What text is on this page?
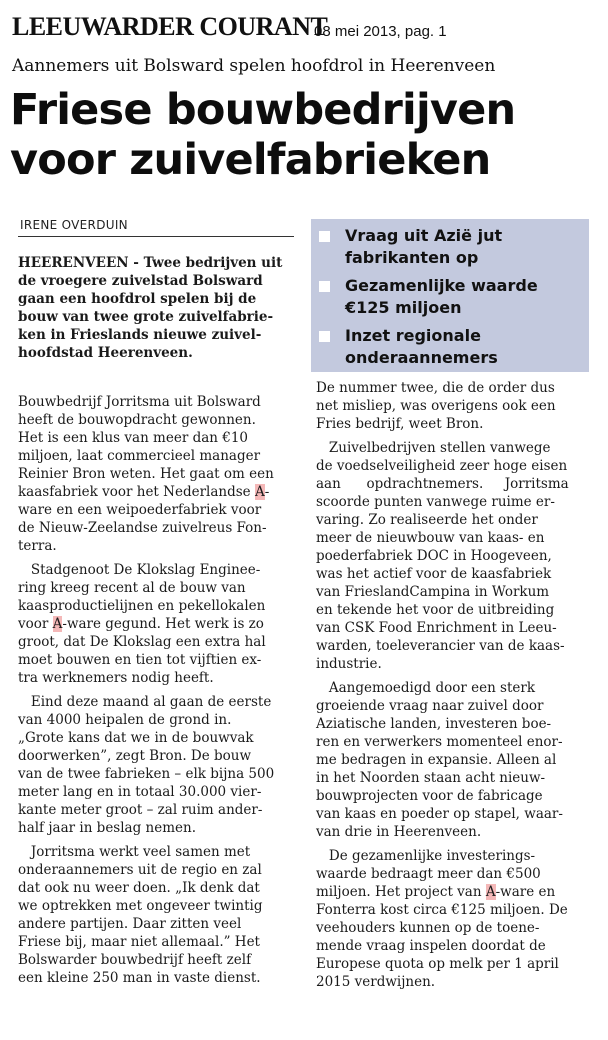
LEEUWARDER COURANT
08 mei 2013, pag. 1
Aannemers uit Bolsward spelen hoofdrol in Heerenveen
Friese bouwbedrijven
voor zuivelfabrieken
IRENE OVERDUIN
Vraag uit Azië jut
fabrikanten op
Gezamenlijke waarde
€125 miljoen
Inzet regionale
onderaannemers
HEERENVEEN - Twee bedrijven uit
de vroegere zuivelstad Bolsward
gaan een hoofdrol spelen bij de
bouw van twee grote zuivelfabrie-
ken in Frieslands nieuwe zuivel-
hoofdstad Heerenveen.
Bouwbedrijf Jorritsma uit Bolsward
heeft de bouwopdracht gewonnen.
Het is een klus van meer dan €10
miljoen, laat commercieel manager
Reinier Bron weten. Het gaat om een
kaasfabriek voor het Nederlandse A-
ware en een weipoederfabriek voor
de Nieuw-Zeelandse zuivelreus Fon-
terra.
Stadgenoot De Klokslag Enginee-
ring kreeg recent al de bouw van
kaasproductielijnen en pekellokalen
voor A-ware gegund. Het werk is zo
groot, dat De Klokslag een extra hal
moet bouwen en tien tot vijftien ex-
tra werknemers nodig heeft.
Eind deze maand al gaan de eerste
van 4000 heipalen de grond in.
„Grote kans dat we in de bouwvak
doorwerken”, zegt Bron. De bouw
van de twee fabrieken – elk bijna 500
meter lang en in totaal 30.000 vier-
kante meter groot – zal ruim ander-
half jaar in beslag nemen.
Jorritsma werkt veel samen met
onderaannemers uit de regio en zal
dat ook nu weer doen. „Ik denk dat
we optrekken met ongeveer twintig
andere partijen. Daar zitten veel
Friese bij, maar niet allemaal.” Het
Bolswarder bouwbedrijf heeft zelf
een kleine 250 man in vaste dienst.
De nummer twee, die de order dus
net misliep, was overigens ook een
Fries bedrijf, weet Bron.
Zuivelbedrijven stellen vanwege
de voedselveiligheid zeer hoge eisen
aan      opdrachtnemers.     Jorritsma
scoorde punten vanwege ruime er-
varing. Zo realiseerde het onder
meer de nieuwbouw van kaas- en
poederfabriek DOC in Hoogeveen,
was het actief voor de kaasfabriek
van FrieslandCampina in Workum
en tekende het voor de uitbreiding
van CSK Food Enrichment in Leeu-
warden, toeleverancier van de kaas-
industrie.
Aangemoedigd door een sterk
groeiende vraag naar zuivel door
Aziatische landen, investeren boe-
ren en verwerkers momenteel enor-
me bedragen in expansie. Alleen al
in het Noorden staan acht nieuw-
bouwprojecten voor de fabricage
van kaas en poeder op stapel, waar-
van drie in Heerenveen.
De gezamenlijke investerings-
waarde bedraagt meer dan €500
miljoen. Het project van A-ware en
Fonterra kost circa €125 miljoen. De
veehouders kunnen op de toene-
mende vraag inspelen doordat de
Europese quota op melk per 1 april
2015 verdwijnen.
